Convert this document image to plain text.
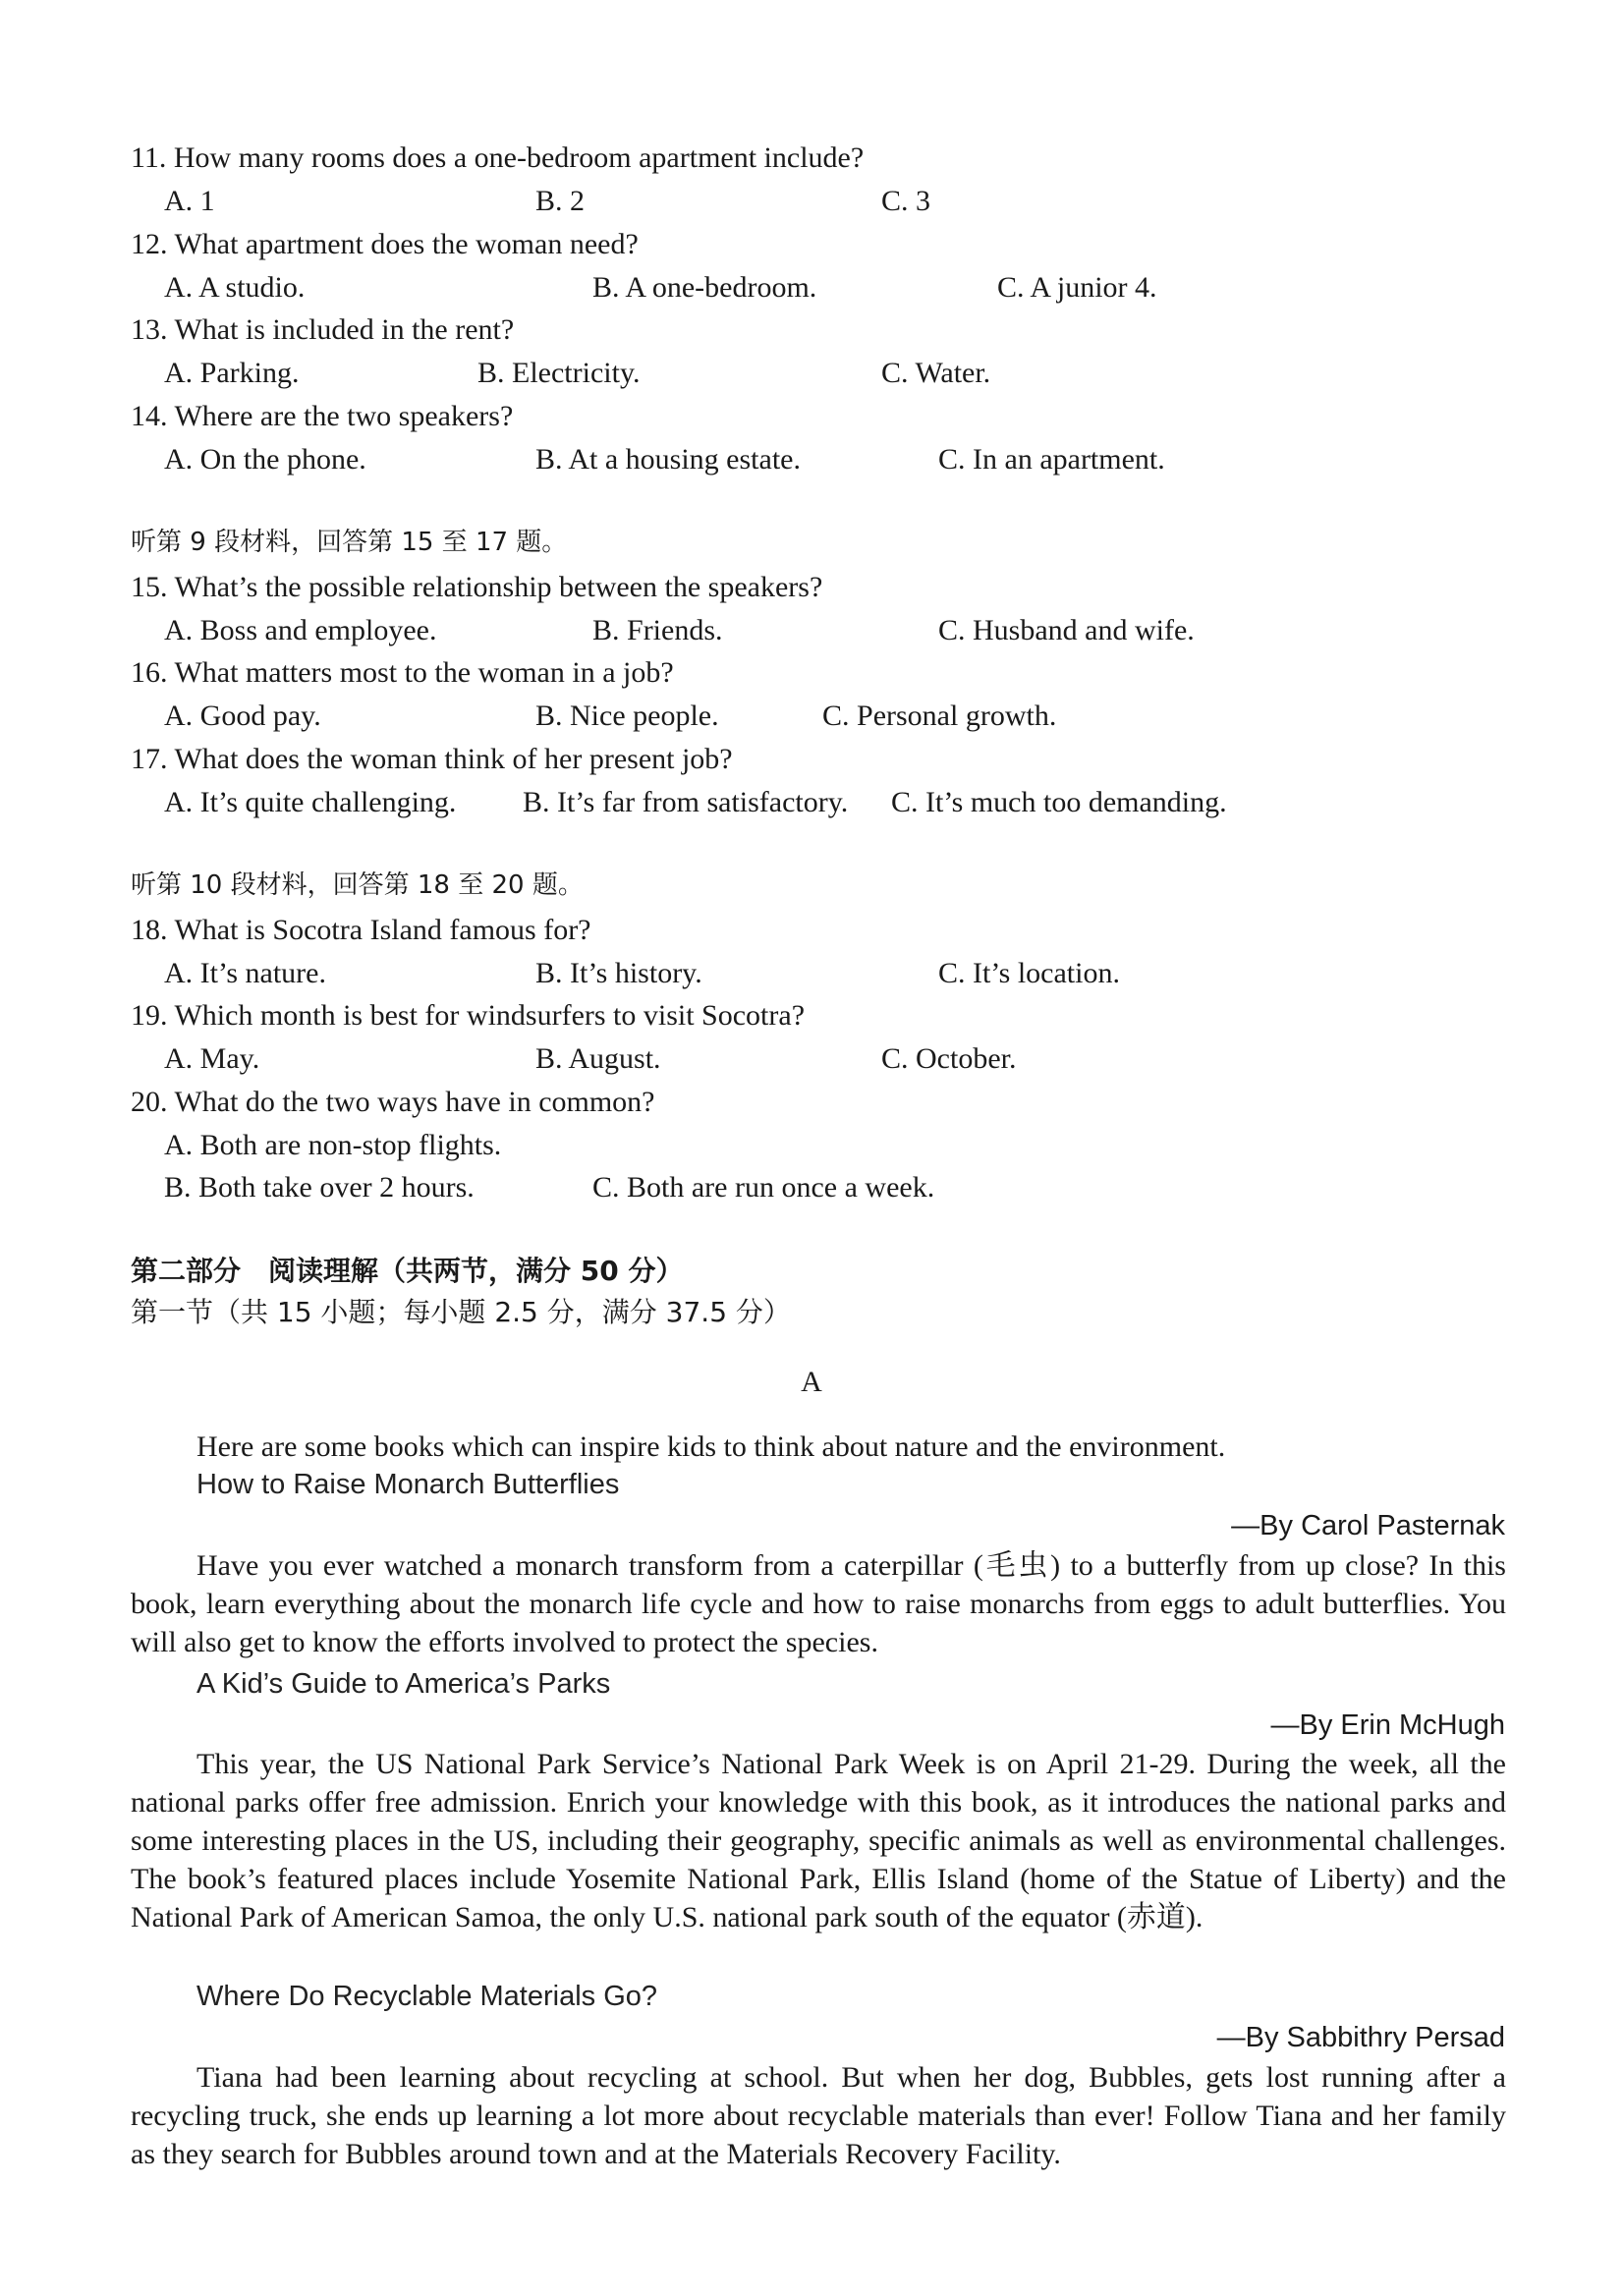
11. How many rooms does a one-bedroom apartment include?
A. 1	B. 2	C. 3
12. What apartment does the woman need?
A. A studio.	B. A one-bedroom.	C. A junior 4.
13. What is included in the rent?
A. Parking.	B. Electricity.	C. Water.
14. Where are the two speakers?
A. On the phone.	B. At a housing estate.	C. In an apartment.
听第 9 段材料，回答第 15 至 17 题。
15. What’s the possible relationship between the speakers?
A. Boss and employee.	B. Friends.	C. Husband and wife.
16. What matters most to the woman in a job?
A. Good pay.	B. Nice people.	C. Personal growth.
17. What does the woman think of her present job?
A. It’s quite challenging. B. It’s far from satisfactory. C. It’s much too demanding.
听第 10 段材料，回答第 18 至 20 题。
18. What is Socotra Island famous for?
A. It’s nature.	B. It’s history.	C. It’s location.
19. Which month is best for windsurfers to visit Socotra?
A. May.	B. August.	C. October.
20. What do the two ways have in common?
A. Both are non-stop flights.
B. Both take over 2 hours.	C. Both are run once a week.
第二部分　阅读理解（共两节，满分 50 分）
第一节（共 15 小题；每小题 2.5 分，满分 37.5 分）
A
Here are some books which can inspire kids to think about nature and the environment.
How to Raise Monarch Butterflies
—By Carol Pasternak
Have you ever watched a monarch transform from a caterpillar (毛虫) to a butterfly from up close? In this book, learn everything about the monarch life cycle and how to raise monarchs from eggs to adult butterflies. You will also get to know the efforts involved to protect the species.
A Kid’s Guide to America’s Parks
—By Erin McHugh
This year, the US National Park Service’s National Park Week is on April 21-29. During the week, all the national parks offer free admission. Enrich your knowledge with this book, as it introduces the national parks and some interesting places in the US, including their geography, specific animals as well as environmental challenges. The book’s featured places include Yosemite National Park, Ellis Island (home of the Statue of Liberty) and the National Park of American Samoa, the only U.S. national park south of the equator (赤道).
Where Do Recyclable Materials Go?
—By Sabbithry Persad
Tiana had been learning about recycling at school. But when her dog, Bubbles, gets lost running after a recycling truck, she ends up learning a lot more about recyclable materials than ever! Follow Tiana and her family as they search for Bubbles around town and at the Materials Recovery Facility.
